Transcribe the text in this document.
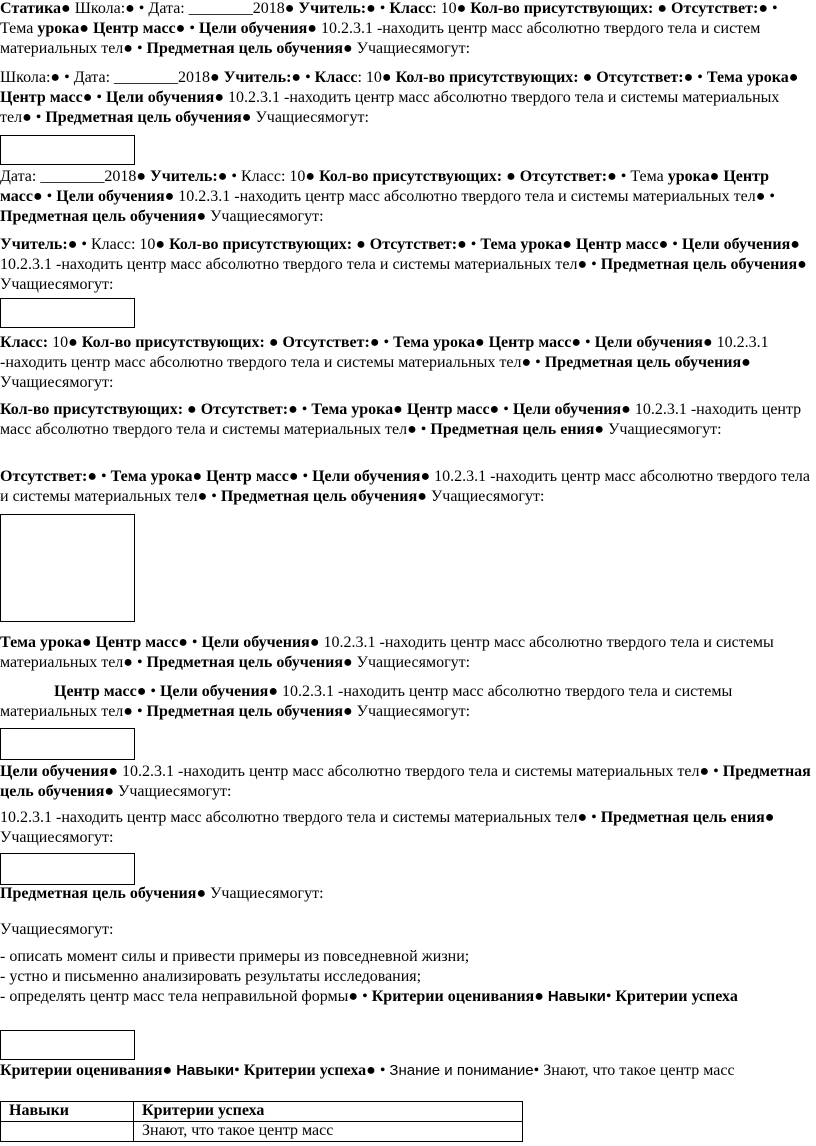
Статика● Школа:● • Дата: ________2018● Учитель:● • Класс: 10● Кол-во присутствующих: ● Отсутствет:● • Тема урока● Центр масс● • Цели обучения● 10.2.3.1 -находить центр масс абсолютно твердого тела и систем материальных тел● • Предметная цель обучения● Учащиесямогут:

Школа:● • Дата: ________2018● Учитель:● • Класс: 10● Кол-во присутствующих: ● Отсутствет:● • Тема урока● Центр масс● • Цели обучения● 10.2.3.1 -находить центр масс абсолютно твердого тела и системы материальных тел● • Предметная цель обучения● Учащиесямогут:

Дата: ________2018● Учитель:● • Класс: 10● Кол-во присутствующих: ● Отсутствет:● • Тема урока● Центр масс● • Цели обучения● 10.2.3.1 -находить центр масс абсолютно твердого тела и системы материальных тел● • Предметная цель обучения● Учащиесямогут:

Учитель:● • Класс: 10● Кол-во присутствующих: ● Отсутствет:● • Тема урока● Центр масс● • Цели обучения● 10.2.3.1 -находить центр масс абсолютно твердого тела и системы материальных тел● • Предметная цель обучения● Учащиесямогут:

Класс: 10● Кол-во присутствующих: ● Отсутствет:● • Тема урока● Центр масс● • Цели обучения● 10.2.3.1 -находить центр масс абсолютно твердого тела и системы материальных тел● • Предметная цель обучения● Учащиесямогут:

Кол-во присутствующих: ● Отсутствет:● • Тема урока● Центр масс● • Цели обучения● 10.2.3.1 -находить центр масс абсолютно твердого тела и системы материальных тел● • Предметная цель ения● Учащиесямогут:

Отсутствет:● • Тема урока● Центр масс● • Цели обучения● 10.2.3.1 -находить центр масс абсолютно твердого тела и системы материальных тел● • Предметная цель обучения● Учащиесямогут:

Тема урока● Центр масс● • Цели обучения● 10.2.3.1 -находить центр масс абсолютно твердого тела и системы материальных тел● • Предметная цель обучения● Учащиесямогут:

Центр масс● • Цели обучения● 10.2.3.1 -находить центр масс абсолютно твердого тела и системы материальных тел● • Предметная цель обучения● Учащиесямогут:

Цели обучения● 10.2.3.1 -находить центр масс абсолютно твердого тела и системы материальных тел● • Предметная цель обучения● Учащиесямогут:

10.2.3.1 -находить центр масс абсолютно твердого тела и системы материальных тел● • Предметная цель ения● Учащиесямогут:

Предметная цель обучения● Учащиесямогут:

Учащиесямогут:

- описать момент силы и привести примеры из повседневной жизни;
- устно и письменно анализировать результаты исследования;
- определять центр масс тела неправильной формы● • Критерии оценивания● Навыки• Критерии успеха

Критерии оценивания● Навыки• Критерии успеха● • Знание и понимание• Знают, что такое центр масс

Навыки	Критерии успеха
	Знают, что такое центр масс
